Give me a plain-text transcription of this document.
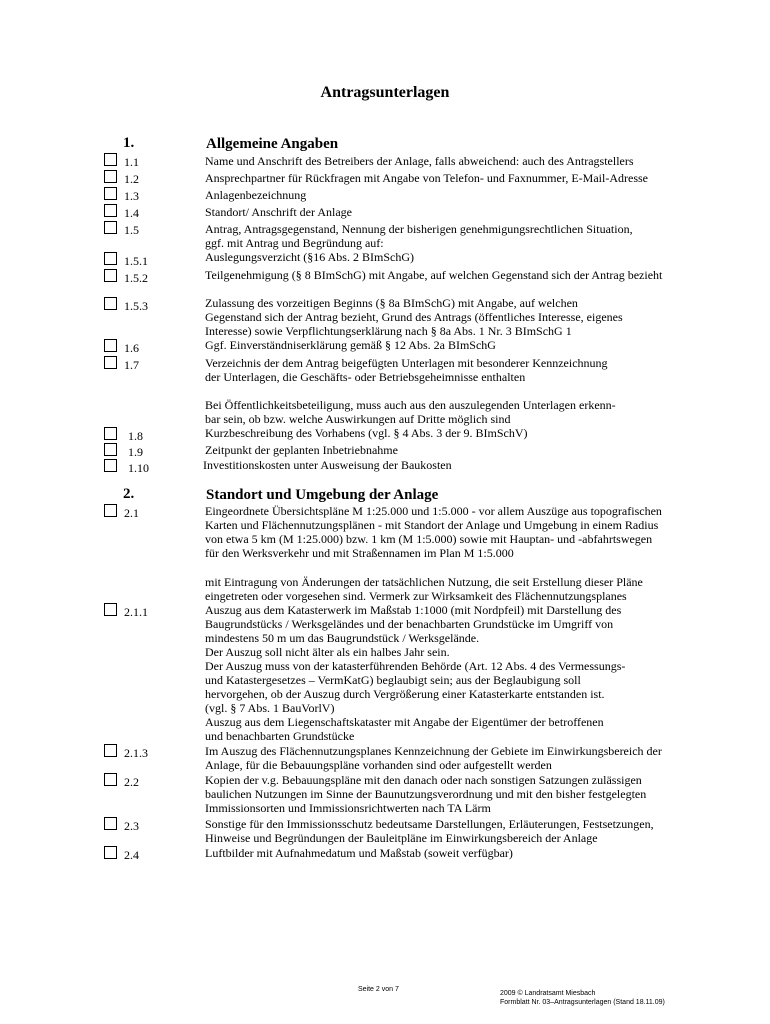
Antragsunterlagen
1.	Allgemeine Angaben
1.1	Name und Anschrift des Betreibers der Anlage, falls abweichend: auch des Antragstellers
1.2	Ansprechpartner für Rückfragen mit Angabe von Telefon- und Faxnummer, E-Mail-Adresse
1.3	Anlagenbezeichnung
1.4	Standort/ Anschrift der Anlage
1.5	Antrag, Antragsgegenstand, Nennung der bisherigen genehmigungsrechtlichen Situation,
ggf. mit Antrag und Begründung auf:
1.5.1	Auslegungsverzicht (§16 Abs. 2 BImSchG)
1.5.2	Teilgenehmigung (§ 8 BImSchG) mit Angabe, auf welchen Gegenstand sich der Antrag bezieht
1.5.3	Zulassung des vorzeitigen Beginns (§ 8a BImSchG) mit Angabe, auf welchen
Gegenstand sich der Antrag bezieht, Grund des Antrags (öffentliches Interesse, eigenes
Interesse) sowie Verpflichtungserklärung nach § 8a Abs. 1 Nr. 3 BImSchG 1
1.6	Ggf. Einverständniserklärung gemäß § 12 Abs. 2a BImSchG
1.7	Verzeichnis der dem Antrag beigefügten Unterlagen mit besonderer Kennzeichnung
der Unterlagen, die Geschäfts- oder Betriebsgeheimnisse enthalten
Bei Öffentlichkeitsbeteiligung, muss auch aus den auszulegenden Unterlagen erkenn-
bar sein, ob bzw. welche Auswirkungen auf Dritte möglich sind
1.8	Kurzbeschreibung des Vorhabens (vgl. § 4 Abs. 3 der 9. BImSchV)
1.9	Zeitpunkt der geplanten Inbetriebnahme
1.10	Investitionskosten unter Ausweisung der Baukosten
2.	Standort und Umgebung der Anlage
2.1	Eingeordnete Übersichtspläne M 1:25.000 und 1:5.000 - vor allem Auszüge aus topografischen
Karten und Flächennutzungsplänen - mit Standort der Anlage und Umgebung in einem Radius
von etwa 5 km (M 1:25.000) bzw. 1 km (M 1:5.000) sowie mit Hauptan- und -abfahrtswegen
für den Werksverkehr und mit Straßennamen im Plan M 1:5.000
mit Eintragung von Änderungen der tatsächlichen Nutzung, die seit Erstellung dieser Pläne
eingetreten oder vorgesehen sind. Vermerk zur Wirksamkeit des Flächennutzungsplanes
2.1.1	Auszug aus dem Katasterwerk im Maßstab 1:1000 (mit Nordpfeil) mit Darstellung des
Baugrundstücks / Werksgeländes und der benachbarten Grundstücke im Umgriff von
mindestens 50 m um das Baugrundstück / Werksgelände.
Der Auszug soll nicht älter als ein halbes Jahr sein.
Der Auszug muss von der katasterführenden Behörde (Art. 12 Abs. 4 des Vermessungs-
und Katastergesetzes – VermKatG) beglaubigt sein; aus der Beglaubigung soll
hervorgehen, ob der Auszug durch Vergrößerung einer Katasterkarte entstanden ist.
(vgl. § 7 Abs. 1 BauVorlV)
Auszug aus dem Liegenschaftskataster mit Angabe der Eigentümer der betroffenen
und benachbarten Grundstücke
2.1.3	Im Auszug des Flächennutzungsplanes Kennzeichnung der Gebiete im Einwirkungsbereich der
Anlage, für die Bebauungspläne vorhanden sind oder aufgestellt werden
2.2	Kopien der v.g. Bebauungspläne mit den danach oder nach sonstigen Satzungen zulässigen
baulichen Nutzungen im Sinne der Baunutzungsverordnung und mit den bisher festgelegten
Immissionsorten und Immissionsrichtwerten nach TA Lärm
2.3	Sonstige für den Immissionsschutz bedeutsame Darstellungen, Erläuterungen, Festsetzungen,
Hinweise und Begründungen der Bauleitpläne im Einwirkungsbereich der Anlage
2.4	Luftbilder mit Aufnahmedatum und Maßstab (soweit verfügbar)
Seite 2 von 7
2009 © Landratsamt Miesbach
Formblatt Nr. 03–Antragsunterlagen (Stand 18.11.09)
